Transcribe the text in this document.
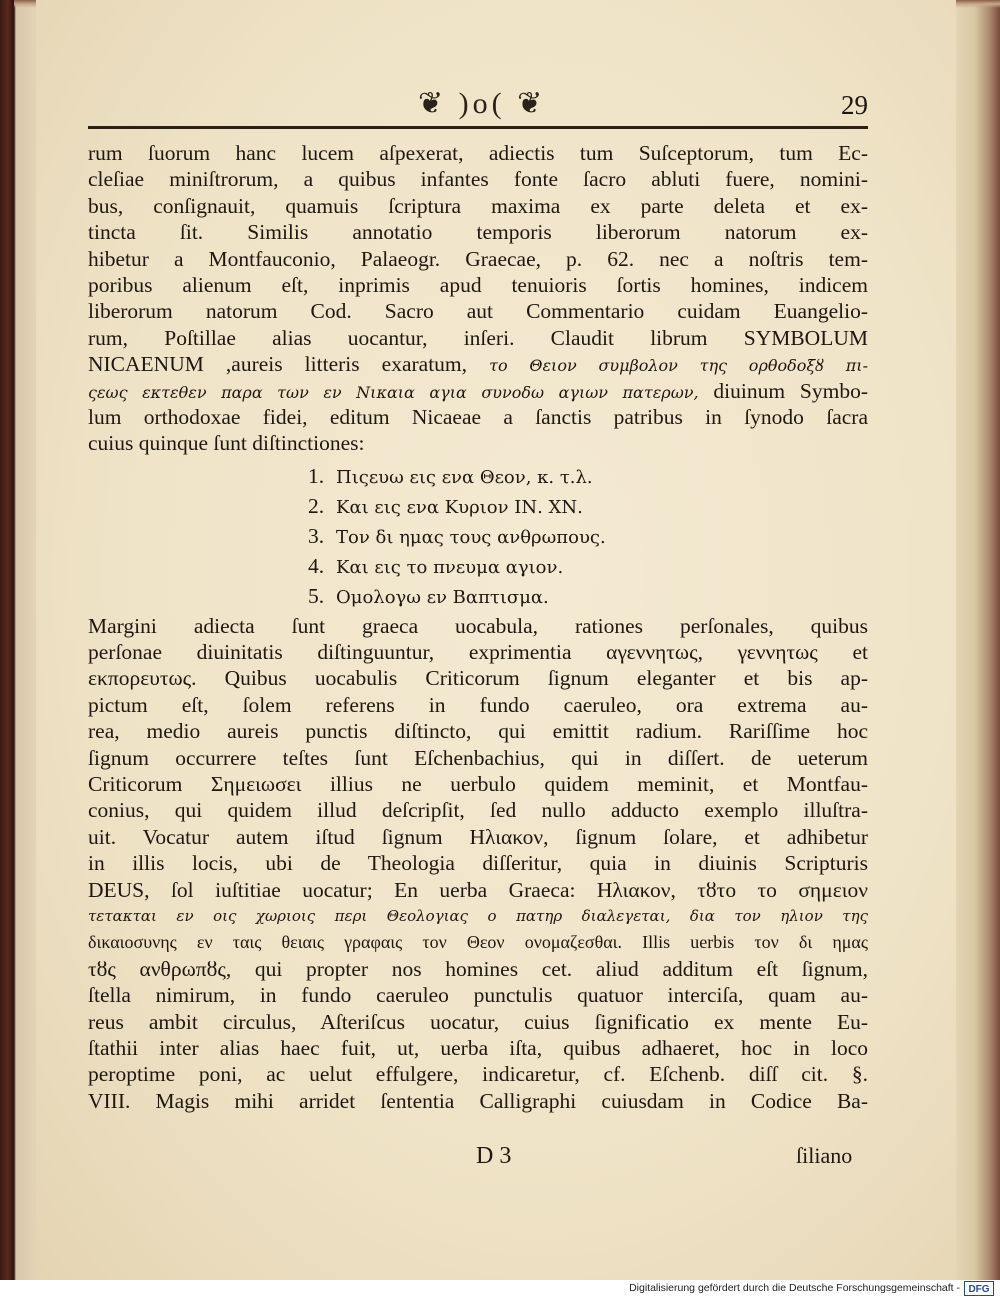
❦ )o( ❦	29
rum ſuorum hanc lucem aſpexerat, adiectis tum Suſceptorum, tum Ec-
cleſiae miniſtrorum, a quibus infantes fonte ſacro abluti fuere, nomini-
bus, conſignauit, quamuis ſcriptura maxima ex parte deleta et ex-
tincta ſit. Similis annotatio temporis liberorum natorum ex-
hibetur a Montfauconio, Palaeogr. Graecae, p. 62. nec a noſtris tem-
poribus alienum eſt, inprimis apud tenuioris ſortis homines, indicem
liberorum natorum Cod. Sacro aut Commentario cuidam Euangelio-
rum, Poſtillae alias uocantur, inſeri. Claudit librum SYMBOLUM
NICAENUM ,aureis litteris exaratum, το Θειον συμβολον της ορθοδοξȣ πι-
ςεως εκτεθεν παρα των εν Νικαια αγια συνοδω αγιων πατερων, diuinum Symbo-
lum orthodoxae fidei, editum Nicaeae a ſanctis patribus in ſynodo ſacra
cuius quinque ſunt diſtinctiones:
1. Πιςευω εις ενα Θεον, κ. τ.λ.
2. Και εις ενα Κυριον ΙΝ. ΧΝ.
3. Τον δι ημας τους ανθρωπους.
4. Και εις το πνευμα αγιον.
5. Ομολογω εν Βαπτισμα.
Margini adiecta ſunt graeca uocabula, rationes perſonales, quibus
perſonae diuinitatis diſtinguuntur, exprimentia αγεννητως, γεννητως et
εκπορευτως. Quibus uocabulis Criticorum ſignum eleganter et bis ap-
pictum eſt, ſolem referens in fundo caeruleo, ora extrema au-
rea, medio aureis punctis diſtincto, qui emittit radium. Rariſſime hoc
ſignum occurrere teſtes ſunt Eſchenbachius, qui in diſſert. de ueterum
Criticorum Σημειωσει illius ne uerbulo quidem meminit, et Montfau-
conius, qui quidem illud deſcripſit, ſed nullo adducto exemplo illuſtra-
uit. Vocatur autem iſtud ſignum Ηλιακον, ſignum ſolare, et adhibetur
in illis locis, ubi de Theologia diſſeritur, quia in diuinis Scripturis
DEUS, ſol iuſtitiae uocatur; En uerba Graeca: Ηλιακον, τȣτο το σημειον
τετακται εν οις χωριοις περι Θεολογιας ο πατηρ διαλεγεται, δια τον ηλιον της
δικαιοσυνης εν ταις θειαις γραφαις τον Θεον ονομαζεσθαι. Illis uerbis τον δι ημας
τȣς ανθρωπȣς, qui propter nos homines cet. aliud additum eſt ſignum,
ſtella nimirum, in fundo caeruleo punctulis quatuor interciſa, quam au-
reus ambit circulus, Aſteriſcus uocatur, cuius ſignificatio ex mente Eu-
ſtathii inter alias haec fuit, ut, uerba iſta, quibus adhaeret, hoc in loco
peroptime poni, ac uelut effulgere, indicaretur, cf. Eſchenb. diſſ cit. §.
VIII. Magis mihi arridet ſententia Calligraphi cuiusdam in Codice Ba-
D 3	ſiliano
Digitalisierung gefördert durch die Deutsche Forschungsgemeinschaft - DFG
